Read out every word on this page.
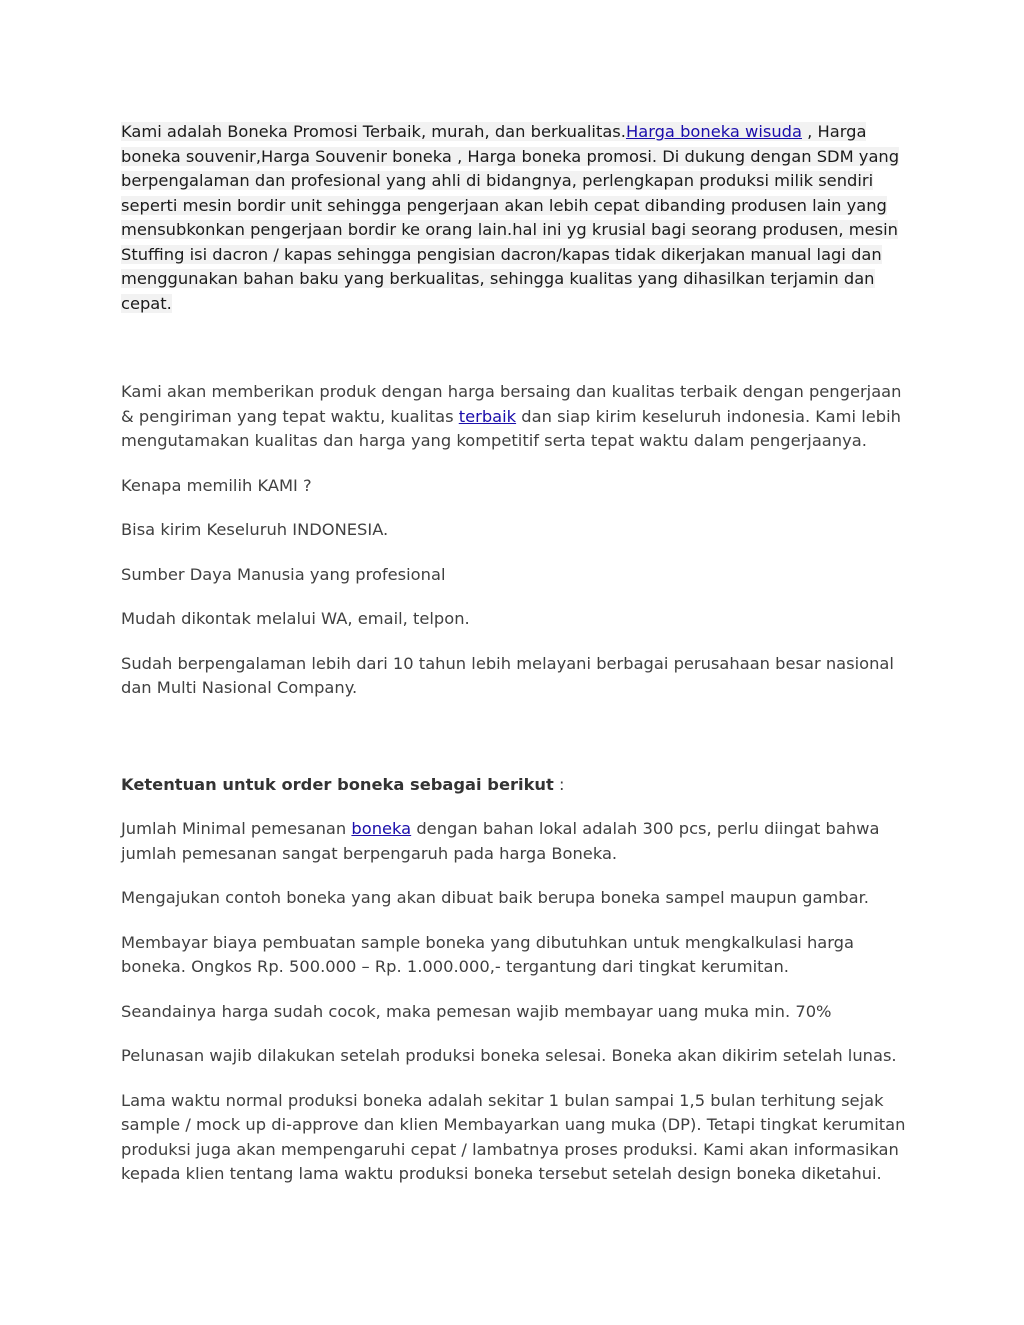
Kami adalah Boneka Promosi Terbaik, murah, dan berkualitas.Harga boneka wisuda , Harga boneka souvenir,Harga Souvenir boneka , Harga boneka promosi. Di dukung dengan SDM yang berpengalaman dan profesional yang ahli di bidangnya, perlengkapan produksi milik sendiri seperti mesin bordir unit sehingga pengerjaan akan lebih cepat dibanding produsen lain yang mensubkonkan pengerjaan bordir ke orang lain.hal ini yg krusial bagi seorang produsen, mesin Stuffing isi dacron / kapas sehingga pengisian dacron/kapas tidak dikerjakan manual lagi dan menggunakan bahan baku yang berkualitas, sehingga kualitas yang dihasilkan terjamin dan cepat.

Kami akan memberikan produk dengan harga bersaing dan kualitas terbaik dengan pengerjaan & pengiriman yang tepat waktu, kualitas terbaik dan siap kirim keseluruh indonesia. Kami lebih mengutamakan kualitas dan harga yang kompetitif serta tepat waktu dalam pengerjaanya.

Kenapa memilih KAMI ?

Bisa kirim Keseluruh INDONESIA.

Sumber Daya Manusia yang profesional

Mudah dikontak melalui WA, email, telpon.

Sudah berpengalaman lebih dari 10 tahun lebih melayani berbagai perusahaan besar nasional dan Multi Nasional Company.

Ketentuan untuk order boneka sebagai berikut :

Jumlah Minimal pemesanan boneka dengan bahan lokal adalah 300 pcs, perlu diingat bahwa jumlah pemesanan sangat berpengaruh pada harga Boneka.

Mengajukan contoh boneka yang akan dibuat baik berupa boneka sampel maupun gambar.

Membayar biaya pembuatan sample boneka yang dibutuhkan untuk mengkalkulasi harga boneka. Ongkos Rp. 500.000 – Rp. 1.000.000,- tergantung dari tingkat kerumitan.

Seandainya harga sudah cocok, maka pemesan wajib membayar uang muka min. 70%

Pelunasan wajib dilakukan setelah produksi boneka selesai. Boneka akan dikirim setelah lunas.

Lama waktu normal produksi boneka adalah sekitar 1 bulan sampai 1,5 bulan terhitung sejak sample / mock up di-approve dan klien Membayarkan uang muka (DP). Tetapi tingkat kerumitan produksi juga akan mempengaruhi cepat / lambatnya proses produksi. Kami akan informasikan kepada klien tentang lama waktu produksi boneka tersebut setelah design boneka diketahui.
